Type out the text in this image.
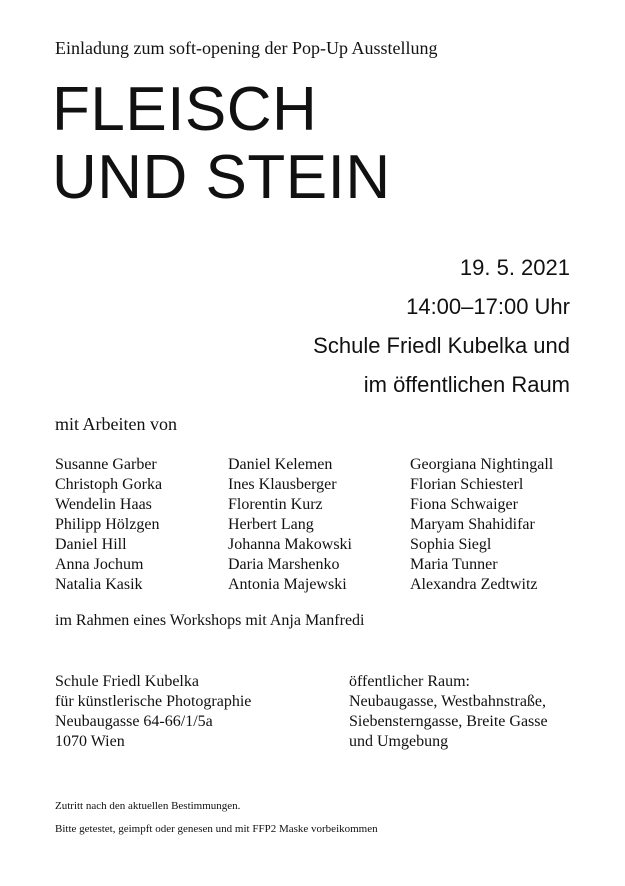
Einladung zum soft-opening der Pop-Up Ausstellung
FLEISCH
UND STEIN
19. 5. 2021
14:00–17:00 Uhr
Schule Friedl Kubelka und
im öffentlichen Raum
mit Arbeiten von
Susanne Garber
Christoph Gorka
Wendelin Haas
Philipp Hölzgen
Daniel Hill
Anna Jochum
Natalia Kasik
Daniel Kelemen
Ines Klausberger
Florentin Kurz
Herbert Lang
Johanna Makowski
Daria Marshenko
Antonia Majewski
Georgiana Nightingall
Florian Schiesterl
Fiona Schwaiger
Maryam Shahidifar
Sophia Siegl
Maria Tunner
Alexandra Zedtwitz
im Rahmen eines Workshops mit Anja Manfredi
Schule Friedl Kubelka
für künstlerische Photographie
Neubaugasse 64-66/1/5a
1070 Wien
öffentlicher Raum:
Neubaugasse, Westbahnstraße,
Siebensterngasse, Breite Gasse
und Umgebung
Zutritt nach den aktuellen Bestimmungen.
Bitte getestet, geimpft oder genesen und mit FFP2 Maske vorbeikommen
